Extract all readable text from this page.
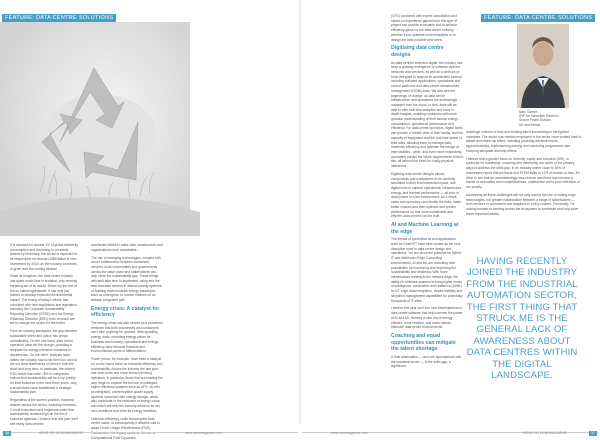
FEATURE: DATA CENTRE SOLUTIONS	FEATURE: DATA CENTRE SOLUTIONS

It is accused for around 1% of global electricity consumption and according to an article shared by McKinsey, the sector is expected to be responsible for around US$6 billion in new investment by 2030, as the industry continues to grow over the coming decade.

Since its inception, the data centre industry has spent much time in isolation, only recently breaking out of its mould. Driven by the rise of the so-called hyperscaler, it has only just started to develop expected environmental impact. The timing of today's efforts has coincided with new regulations and legislation including the Corporate Sustainability Reporting Directive (CSRD) and the Energy Efficiency Directive (EED), both of which are set to change the sector for the better.

From an industry standpoint, the gap between sustainable intent and action has grown considerably. On the one hand, data centre operators have set the charge, providing a template for energy-intensive industries to decarbonise. On the other, analysts have stated the industry has so far been too slow to set out clear statements of intent in both the short and long term. In particular, the current ESG found that while 78% of companies believe that sustainability will be a top priority for their business in the next three years, only a small share have established a strategic sustainability plan.

Regardless of the current position, business leaders across the sector, including investors, C-level executives and engineers claim that sustainability remains high on the list of business agendas. I believe that this year we'll see many data centres

accelerate efforts to make their infrastructure and organisations more sustainable.

The use of emerging technologies, coupled with closer collaboration between customers, vendors, local communities and governments across the value chain and stakeholders can help close the sustainability gap. These things will need take time to implement, rising and the time that data centres in distinct trading systems, or building environmental energy paradigms, such as microgrids, to reduce reliance on an already congested grid.

Energy crisis: A catalyst for efficiency

The energy crisis has also served as a prominent reminder that both businesses and consumers can't take anything for granted. With spiralling energy costs, mounting energy prices for business and industry, operational and energy efficiency have become financial and environmental points of differentiation.

Power prices, for example, have been a catalyst for a new-found focus on industrial efficiency and sustainability. Across the industry the last year has seen more and more forward thinking operators, in particular, those that are leading the way, begin to explore the full use of intelligent, higher efficiency systems such as UPS, as well as integrated, uninterruptible power supply systems combined with energy storage, which also contribute to the reduction of energy costs, and which will help the industry advance its net zero ambitions and drive its energy transition.

Optimum efficiency, while reducing the data centre waste, is consequently it remains vital to adopt Power Usage Effectiveness (PUE). Furthermore, the legacy systems, the use of Computational Fluid Dynamics

(CFD) combined with expert consultation and hands-on experience gained from this type of project can provide a valuable tool to achieve efficiency gains for the data centre industry, whether it's to optimise current facilities or to design the best possible new ones.

Digitising data centre designs

As data centres embrace digital, the industry has seen a growing emergence of software-defined networks and services, as well as a plethora of tools designed to support its accelerated journey including software applications, operational and control platforms and data centre infrastructure management (DCIM) tools. We also see the beginnings of change, as data centre infrastructure and operations are increasingly managed from the cloud. In turn, tools will be able to offer real time analytics and more in-depth insights, enabling customers with more granular understanding of their assets' energy consumption, operational performance and efficiency. For data centre operators, digital twins can provide a holistic view of their facility, and the capacity of equipment and the real time status of their sites, allowing them to manage data, maximise efficiency and optimise the design of their facilities - while, and even more importantly, accurately predict the future requirements of their site, all without the need for costly physical alterations.

Digitising data centre designs allows components and subsystems to be carefully simulated in their environmental impact, and digital tools to capture operational, infrastructure, energy, and thermal performance — all prior to deployment in a live environment. As a result, users and operators can identify the risks, make better choices and then optimise and predict performance so that more sustainable and efficient data centres can be built.

AI and Machine Learning at the edge

The impact of generative AI and applications such as ChatGPT have been touted as the next disruptive force in data centre design and operations. Yet few know the potential for hybrid IT and distributed Edge Computing environments, AI and ML are unlocking new possibilities for monitoring and improving the sustainability and resiliency. With more infrastructure moving to the network edge, the ability for software systems to bring higher levels of intelligence, automation and resilience (AI/ML) to IoT, edge data integration, cluster visibility and simplified management capabilities for potentially thousands of IT sites.

I believe this year we'll see new developments in data centre software that help harness the power of AI and ML, thereby a new era of energy-efficient, more resilient, and lower carbon-intensive data centre environments.

Coaching and equal opportunities can mitigate the talent shortage

A final observation — and one synonymous with the industrial sector — is the skills gap, a significant

Marc Garner,
SVP for Schneider Electric's
Secure Power Division
UK and Ireland

challenge in terms of new and existing talent succeeding in the tightest industries. The sector has needed employers in the sector have worked hard to attract and retain top talent, including providing advanced tools, apprenticeships, implementing training and mentoring programmes and ensuring adequate diversity efforts.

I believe that a greater focus on diversity, equity and inclusion (DEI), in particular for leadership, coaching and mentoring, are some of the primary ways to address the skills gap. In an industry where close to 35% of businesses report that technical and STEM skills of 31% of women or less, it's clear to see that an overwhelmingly less-diverse workforce has become a barrier to innovation and competitiveness, unattractive and a poor reflection of our society.

Addressing all these challenges will not only lead to the use of cutting-edge technologies, but greater collaboration between a range of stakeholders — from vendors to consumers and suppliers to policy makers. Personally, I'm looking forward to working across the ecosystem to contribute and help solve these important issues.

HAVING RECENTLY JOINED THE INDUSTRY FROM THE INDUSTRIAL AUTOMATION SECTOR, THE FIRST THING THAT STRUCK ME IS THE GENERAL LACK OF AWARENESS ABOUT DATA CENTRES WITHIN THE DIGITAL LANDSCAPE.
38	ISSUE 25 | DCNNMAGAZINE	www.dcnnmagazine.com	www.dcnnmagazine.com	ISSUE 25 | DCNNMAGAZINE	37
